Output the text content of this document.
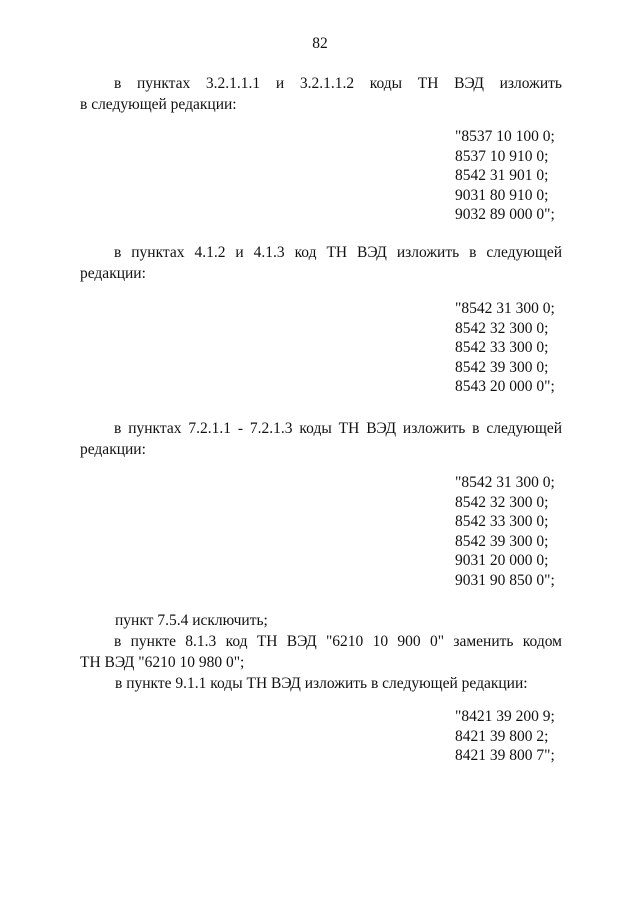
82
в пунктах 3.2.1.1.1 и 3.2.1.1.2 коды ТН ВЭД изложить
в следующей редакции:
"8537 10 100 0;
8537 10 910 0;
8542 31 901 0;
9031 80 910 0;
9032 89 000 0";
в пунктах 4.1.2 и 4.1.3 код ТН ВЭД изложить в следующей
редакции:
"8542 31 300 0;
8542 32 300 0;
8542 33 300 0;
8542 39 300 0;
8543 20 000 0";
в пунктах 7.2.1.1 - 7.2.1.3 коды ТН ВЭД изложить в следующей
редакции:
"8542 31 300 0;
8542 32 300 0;
8542 33 300 0;
8542 39 300 0;
9031 20 000 0;
9031 90 850 0";
пункт 7.5.4 исключить;
в пункте 8.1.3 код ТН ВЭД "6210 10 900 0" заменить кодом
ТН ВЭД "6210 10 980 0";
в пункте 9.1.1 коды ТН ВЭД изложить в следующей редакции:
"8421 39 200 9;
8421 39 800 2;
8421 39 800 7";
